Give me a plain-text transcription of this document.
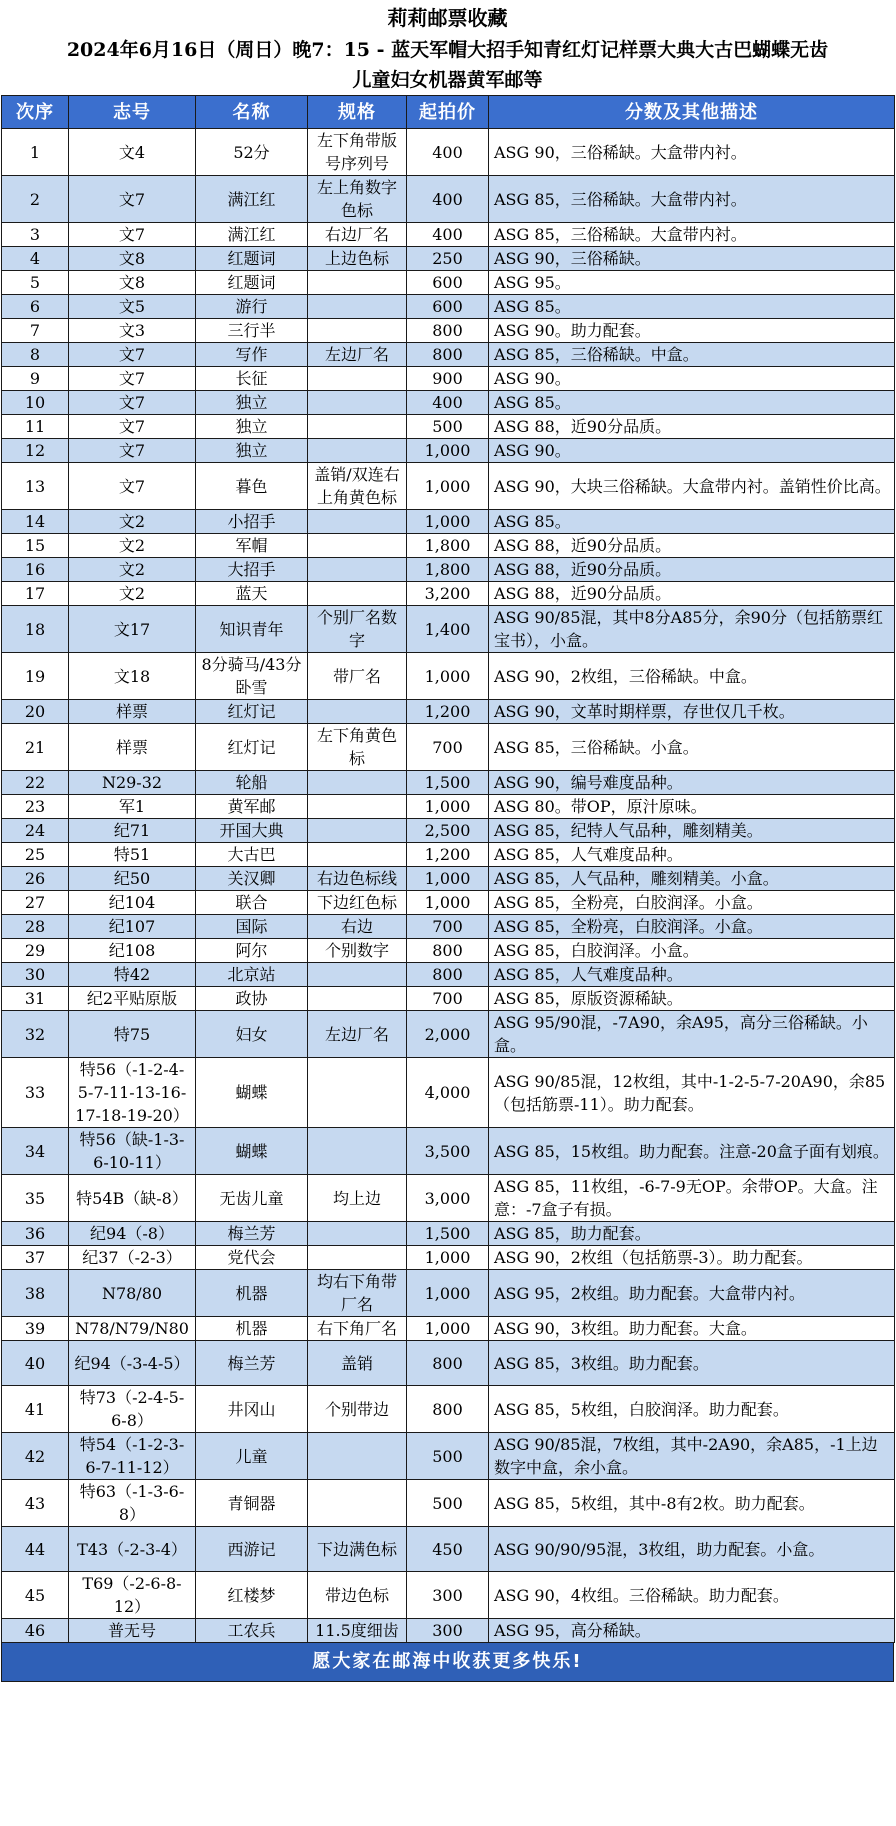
莉莉邮票收藏
2024年6月16日（周日）晚7：15 - 蓝天军帽大招手知青红灯记样票大典大古巴蝴蝶无齿
儿童妇女机器黄军邮等
次序	志号	名称	规格	起拍价	分数及其他描述
1	文4	52分	左下角带版号序列号	400	ASG 90，三俗稀缺。大盒带内衬。
2	文7	满江红	左上角数字色标	400	ASG 85，三俗稀缺。大盒带内衬。
3	文7	满江红	右边厂名	400	ASG 85，三俗稀缺。大盒带内衬。
4	文8	红题词	上边色标	250	ASG 90，三俗稀缺。
5	文8	红题词		600	ASG 95。
6	文5	游行		600	ASG 85。
7	文3	三行半		800	ASG 90。助力配套。
8	文7	写作	左边厂名	800	ASG 85，三俗稀缺。中盒。
9	文7	长征		900	ASG 90。
10	文7	独立		400	ASG 85。
11	文7	独立		500	ASG 88，近90分品质。
12	文7	独立		1,000	ASG 90。
13	文7	暮色	盖销/双连右上角黄色标	1,000	ASG 90，大块三俗稀缺。大盒带内衬。盖销性价比高。
14	文2	小招手		1,000	ASG 85。
15	文2	军帽		1,800	ASG 88，近90分品质。
16	文2	大招手		1,800	ASG 88，近90分品质。
17	文2	蓝天		3,200	ASG 88，近90分品质。
18	文17	知识青年	个别厂名数字	1,400	ASG 90/85混，其中8分A85分，余90分（包括筋票红宝书），小盒。
19	文18	8分骑马/43分卧雪	带厂名	1,000	ASG 90，2枚组，三俗稀缺。中盒。
20	样票	红灯记		1,200	ASG 90，文革时期样票，存世仅几千枚。
21	样票	红灯记	左下角黄色标	700	ASG 85，三俗稀缺。小盒。
22	N29-32	轮船		1,500	ASG 90，编号难度品种。
23	军1	黄军邮		1,000	ASG 80。带OP，原汁原味。
24	纪71	开国大典		2,500	ASG 85，纪特人气品种，雕刻精美。
25	特51	大古巴		1,200	ASG 85，人气难度品种。
26	纪50	关汉卿	右边色标线	1,000	ASG 85，人气品种，雕刻精美。小盒。
27	纪104	联合	下边红色标	1,000	ASG 85，全粉亮，白胶润泽。小盒。
28	纪107	国际	右边	700	ASG 85，全粉亮，白胶润泽。小盒。
29	纪108	阿尔	个别数字	800	ASG 85，白胶润泽。小盒。
30	特42	北京站		800	ASG 85，人气难度品种。
31	纪2平贴原版	政协		700	ASG 85，原版资源稀缺。
32	特75	妇女	左边厂名	2,000	ASG 95/90混，-7A90，余A95，高分三俗稀缺。小盒。
33	特56（-1-2-4-5-7-11-13-16-17-18-19-20）	蝴蝶		4,000	ASG 90/85混，12枚组，其中-1-2-5-7-20A90，余85（包括筋票-11）。助力配套。
34	特56（缺-1-3-6-10-11）	蝴蝶		3,500	ASG 85，15枚组。助力配套。注意-20盒子面有划痕。
35	特54B（缺-8）	无齿儿童	均上边	3,000	ASG 85，11枚组，-6-7-9无OP。余带OP。大盒。注意：-7盒子有损。
36	纪94（-8）	梅兰芳		1,500	ASG 85，助力配套。
37	纪37（-2-3）	党代会		1,000	ASG 90，2枚组（包括筋票-3）。助力配套。
38	N78/80	机器	均右下角带厂名	1,000	ASG 95，2枚组。助力配套。大盒带内衬。
39	N78/N79/N80	机器	右下角厂名	1,000	ASG 90，3枚组。助力配套。大盒。
40	纪94（-3-4-5）	梅兰芳	盖销	800	ASG 85，3枚组。助力配套。
41	特73（-2-4-5-6-8）	井冈山	个别带边	800	ASG 85，5枚组，白胶润泽。助力配套。
42	特54（-1-2-3-6-7-11-12）	儿童		500	ASG 90/85混，7枚组，其中-2A90，余A85，-1上边数字中盒，余小盒。
43	特63（-1-3-6-8）	青铜器		500	ASG 85，5枚组，其中-8有2枚。助力配套。
44	T43（-2-3-4）	西游记	下边满色标	450	ASG 90/90/95混，3枚组，助力配套。小盒。
45	T69（-2-6-8-12）	红楼梦	带边色标	300	ASG 90，4枚组。三俗稀缺。助力配套。
46	普无号	工农兵	11.5度细齿	300	ASG 95，高分稀缺。
愿大家在邮海中收获更多快乐!
